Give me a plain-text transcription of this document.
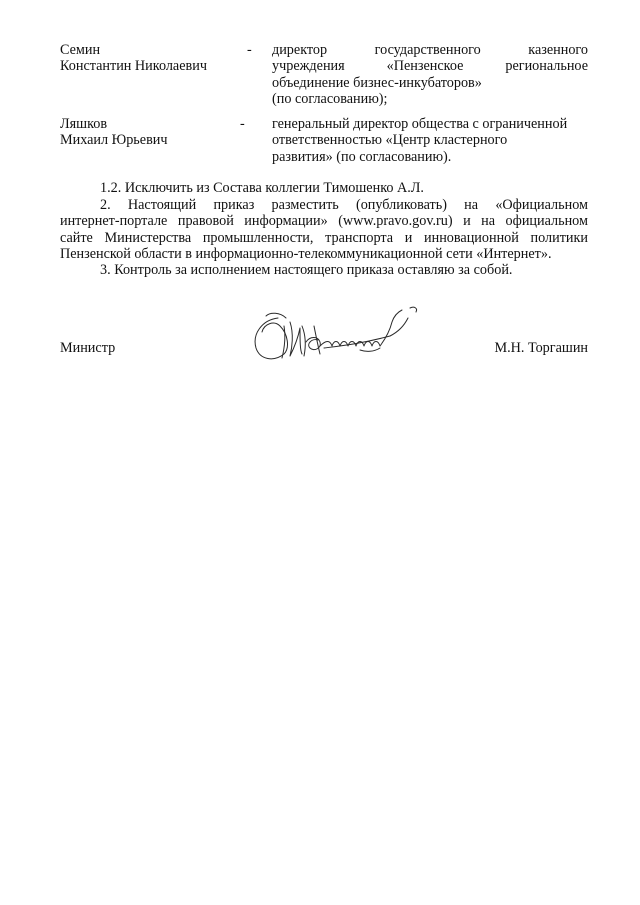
Семин
Константин Николаевич
- директор государственного казенного
учреждения «Пензенское региональное
объединение бизнес-инкубаторов»
(по согласованию);
Ляшков
Михаил Юрьевич
- генеральный директор общества с ограниченной
ответственностью «Центр кластерного
развития» (по согласованию).
1.2. Исключить из Состава коллегии Тимошенко А.Л.
2. Настоящий приказ разместить (опубликовать) на «Официальном
интернет-портале правовой информации» (www.pravo.gov.ru) и на официальном
сайте Министерства промышленности, транспорта и инновационной политики
Пензенской области в информационно-телекоммуникационной сети «Интернет».
3. Контроль за исполнением настоящего приказа оставляю за собой.
Министр	М.Н. Торгашин
